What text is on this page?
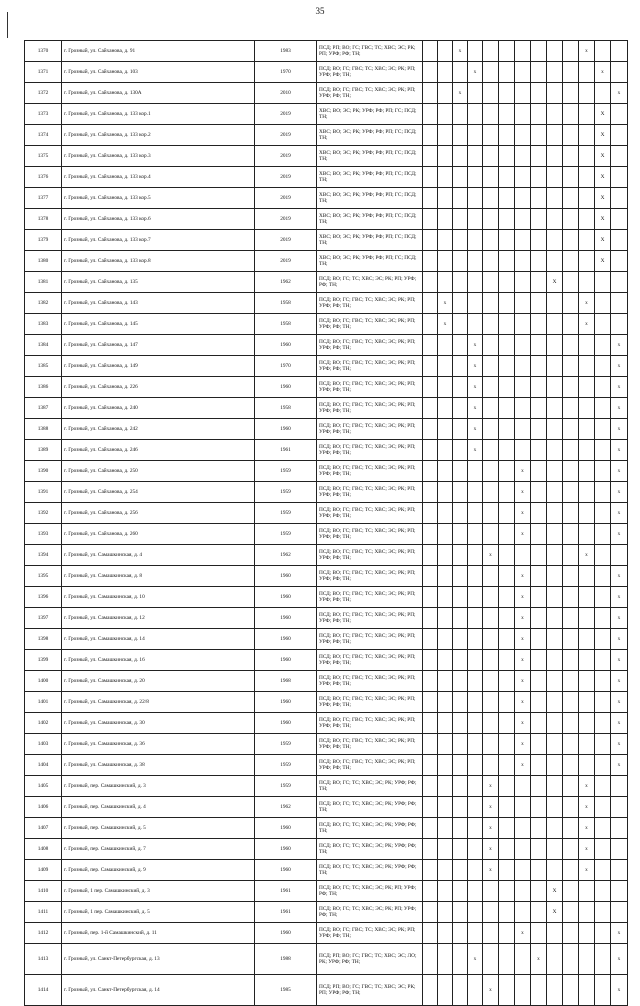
35
1370	г. Грозный, ул. Сайханова, д. 91	1983	ПСД; РП; ВО; ГС; ГВС; ТС; ХВС; ЭС; РК; РП; УРФ; РФ; ТН;			х								х		
1371	г. Грозный, ул. Сайханова, д. 103	1970	ПСД; ВО; ГС; ГВС; ТС; ХВС; ЭС; РК; РП; УРФ; РФ; ТН;				х								х	
1372	г. Грозный, ул. Сайханова, д. 130А	2010	ПСД; ВО; ГС; ГВС; ТС; ХВС; ЭС; РК; РП; УРФ; РФ; ТН;			х										х
1373	г. Грозный, ул. Сайханова, д. 133 кор.1	2019	ХВС; ВО; ЭС; РК; УРФ; РФ; РП; ГС; ПСД; ТН;												X	
1374	г. Грозный, ул. Сайханова, д. 133 кор.2	2019	ХВС; ВО; ЭС; РК; УРФ; РФ; РП; ГС; ПСД; ТН;												X	
1375	г. Грозный, ул. Сайханова, д. 133 кор.3	2019	ХВС; ВО; ЭС; РК; УРФ; РФ; РП; ГС; ПСД; ТН;												X	
1376	г. Грозный, ул. Сайханова, д. 133 кор.4	2019	ХВС; ВО; ЭС; РК; УРФ; РФ; РП; ГС; ПСД; ТН;												X	
1377	г. Грозный, ул. Сайханова, д. 133 кор.5	2019	ХВС; ВО; ЭС; РК; УРФ; РФ; РП; ГС; ПСД; ТН;												X	
1378	г. Грозный, ул. Сайханова, д. 133 кор.6	2019	ХВС; ВО; ЭС; РК; УРФ; РФ; РП; ГС; ПСД; ТН;												X	
1379	г. Грозный, ул. Сайханова, д. 133 кор.7	2019	ХВС; ВО; ЭС; РК; УРФ; РФ; РП; ГС; ПСД; ТН;												X	
1380	г. Грозный, ул. Сайханова, д. 133 кор.8	2019	ХВС; ВО; ЭС; РК; УРФ; РФ; РП; ГС; ПСД; ТН;												X	
1381	г. Грозный, ул. Сайханова, д. 135	1962	ПСД; ВО; ГС; ТС; ХВС; ЭС; РК; РП; УРФ; РФ; ТН;									X				
1382	г. Грозный, ул. Сайханова, д. 143	1958	ПСД; ВО; ГС; ГВС; ТС; ХВС; ЭС; РК; РП; УРФ; РФ; ТН;		х									х		
1383	г. Грозный, ул. Сайханова, д. 145	1958	ПСД; ВО; ГС; ГВС; ТС; ХВС; ЭС; РК; РП; УРФ; РФ; ТН;		х									х		
1384	г. Грозный, ул. Сайханова, д. 147	1960	ПСД; ВО; ГС; ГВС; ТС; ХВС; ЭС; РК; РП; УРФ; РФ; ТН;				х									х
1385	г. Грозный, ул. Сайханова, д. 149	1970	ПСД; ВО; ГС; ГВС; ТС; ХВС; ЭС; РК; РП; УРФ; РФ; ТН;				х									х
1386	г. Грозный, ул. Сайханова, д. 226	1960	ПСД; ВО; ГС; ГВС; ТС; ХВС; ЭС; РК; РП; УРФ; РФ; ТН;				х									х
1387	г. Грозный, ул. Сайханова, д. 240	1958	ПСД; ВО; ГС; ГВС; ТС; ХВС; ЭС; РК; РП; УРФ; РФ; ТН;				х									х
1388	г. Грозный, ул. Сайханова, д. 242	1960	ПСД; ВО; ГС; ГВС; ТС; ХВС; ЭС; РК; РП; УРФ; РФ; ТН;				х									х
1389	г. Грозный, ул. Сайханова, д. 246	1961	ПСД; ВО; ГС; ГВС; ТС; ХВС; ЭС; РК; РП; УРФ; РФ; ТН;				х									х
1390	г. Грозный, ул. Сайханова, д. 250	1959	ПСД; ВО; ГС; ГВС; ТС; ХВС; ЭС; РК; РП; УРФ; РФ; ТН;							х						х
1391	г. Грозный, ул. Сайханова, д. 254	1959	ПСД; ВО; ГС; ГВС; ТС; ХВС; ЭС; РК; РП; УРФ; РФ; ТН;							х						х
1392	г. Грозный, ул. Сайханова, д. 256	1959	ПСД; ВО; ГС; ГВС; ТС; ХВС; ЭС; РК; РП; УРФ; РФ; ТН;							х						х
1393	г. Грозный, ул. Сайханова, д. 260	1959	ПСД; ВО; ГС; ГВС; ТС; ХВС; ЭС; РК; РП; УРФ; РФ; ТН;							х						х
1394	г. Грозный, ул. Самашкинская, д. 4	1962	ПСД; ВО; ГС; ГВС; ТС; ХВС; ЭС; РК; РП; УРФ; РФ; ТН;					х						х		
1395	г. Грозный, ул. Самашкинская, д. 8	1960	ПСД; ВО; ГС; ГВС; ТС; ХВС; ЭС; РК; РП; УРФ; РФ; ТН;							х						х
1396	г. Грозный, ул. Самашкинская, д. 10	1960	ПСД; ВО; ГС; ГВС; ТС; ХВС; ЭС; РК; РП; УРФ; РФ; ТН;							х						х
1397	г. Грозный, ул. Самашкинская, д. 12	1960	ПСД; ВО; ГС; ГВС; ТС; ХВС; ЭС; РК; РП; УРФ; РФ; ТН;							х						х
1398	г. Грозный, ул. Самашкинская, д. 14	1960	ПСД; ВО; ГС; ГВС; ТС; ХВС; ЭС; РК; РП; УРФ; РФ; ТН;							х						х
1399	г. Грозный, ул. Самашкинская, д. 16	1960	ПСД; ВО; ГС; ГВС; ТС; ХВС; ЭС; РК; РП; УРФ; РФ; ТН;							х						х
1400	г. Грозный, ул. Самашкинская, д. 20	1968	ПСД; ВО; ГС; ГВС; ТС; ХВС; ЭС; РК; РП; УРФ; РФ; ТН;							х						х
1401	г. Грозный, ул. Самашкинская, д. 22/8	1960	ПСД; ВО; ГС; ГВС; ТС; ХВС; ЭС; РК; РП; УРФ; РФ; ТН;							х						х
1402	г. Грозный, ул. Самашкинская, д. 30	1960	ПСД; ВО; ГС; ГВС; ТС; ХВС; ЭС; РК; РП; УРФ; РФ; ТН;							х						х
1403	г. Грозный, ул. Самашкинская, д. 36	1959	ПСД; ВО; ГС; ГВС; ТС; ХВС; ЭС; РК; РП; УРФ; РФ; ТН;							х						х
1404	г. Грозный, ул. Самашкинская, д. 38	1959	ПСД; ВО; ГС; ГВС; ТС; ХВС; ЭС; РК; РП; УРФ; РФ; ТН;							х						х
1405	г. Грозный, пер. Самашкинский, д. 3	1959	ПСД; ВО; ГС; ТС; ХВС; ЭС; РК; УРФ; РФ; ТН;					х						х		
1406	г. Грозный, пер. Самашкинский, д. 4	1962	ПСД; ВО; ГС; ТС; ХВС; ЭС; РК; УРФ; РФ; ТН;					х						х		
1407	г. Грозный, пер. Самашкинский, д. 5	1960	ПСД; ВО; ГС; ТС; ХВС; ЭС; РК; УРФ; РФ; ТН;					х						х		
1408	г. Грозный, пер. Самашкинский, д. 7	1960	ПСД; ВО; ГС; ТС; ХВС; ЭС; РК; УРФ; РФ; ТН;					х						х		
1409	г. Грозный, пер. Самашкинский, д. 9	1960	ПСД; ВО; ГС; ТС; ХВС; ЭС; РК; УРФ; РФ; ТН;					х						х		
1410	г. Грозный, 1 пер. Самашкинский, д. 3	1961	ПСД; ВО; ГС; ТС; ХВС; ЭС; РК; РП; УРФ; РФ; ТН;									X				
1411	г. Грозный, 1 пер. Самашкинский, д. 5	1961	ПСД; ВО; ГС; ТС; ХВС; ЭС; РК; РП; УРФ; РФ; ТН;									X				
1412	г. Грозный, пер. 1-й Самашкинский, д. 11	1960	ПСД; ВО; ГС; ГВС; ТС; ХВС; ЭС; РК; РП; УРФ; РФ; ТН;							х						х
1413	г. Грозный, ул. Санкт-Петербургская, д. 13	1988	ПСД; РП; ВО; ГС; ГВС; ТС; ХВС; ЭС; ЛО; РК; УРФ; РФ; ТН;				х				х					х
1414	г. Грозный, ул. Санкт-Петербургская, д. 14	1985	ПСД; РП; ВО; ГС; ГВС; ТС; ХВС; ЭС; РК; РП; УРФ; РФ; ТН;					х								х
